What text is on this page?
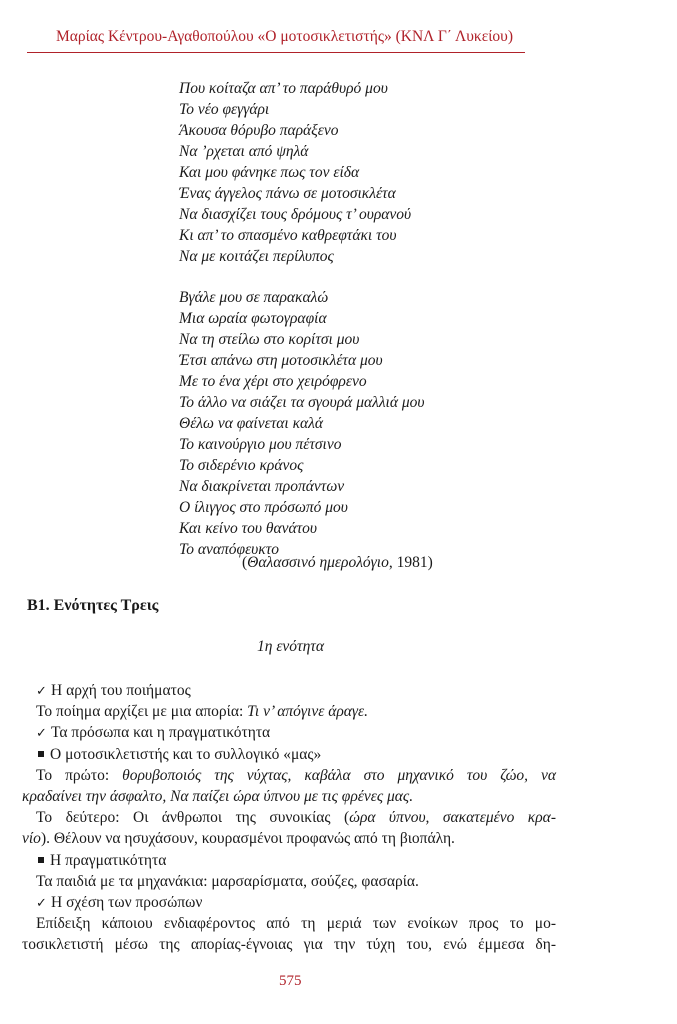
Μαρίας Κέντρου-Αγαθοπούλου «Ο μοτοσικλετιστής» (ΚΝΛ Γ΄ Λυκείου)
Που κοίταζα απ’ το παράθυρό μου
Το νέο φεγγάρι
Άκουσα θόρυβο παράξενο
Να ’ρχεται από ψηλά
Και μου φάνηκε πως τον είδα
Ένας άγγελος πάνω σε μοτοσικλέτα
Να διασχίζει τους δρόμους τ’ ουρανού
Κι απ’ το σπασμένο καθρεφτάκι του
Να με κοιτάζει περίλυπος
Βγάλε μου σε παρακαλώ
Μια ωραία φωτογραφία
Να τη στείλω στο κορίτσι μου
Έτσι απάνω στη μοτοσικλέτα μου
Με το ένα χέρι στο χειρόφρενο
Το άλλο να σιάζει τα σγουρά μαλλιά μου
Θέλω να φαίνεται καλά
Το καινούργιο μου πέτσινο
Το σιδερένιο κράνος
Να διακρίνεται προπάντων
Ο ίλιγγος στο πρόσωπό μου
Και κείνο του θανάτου
Το αναπόφευκτο
(Θαλασσινό ημερολόγιο, 1981)
Β1. Ενότητες Τρεις
1η ενότητα
✓ Η αρχή του ποιήματος
Το ποίημα αρχίζει με μια απορία: Τι ν’ απόγινε άραγε.
✓ Τα πρόσωπα και η πραγματικότητα
Ο μοτοσικλετιστής και το συλλογικό «μας»
Το πρώτο: θορυβοποιός της νύχτας, καβάλα στο μηχανικό του ζώο, να
κραδαίνει την άσφαλτο, Να παίζει ώρα ύπνου με τις φρένες μας.
Το δεύτερο: Οι άνθρωποι της συνοικίας (ώρα ύπνου, σακατεμένο κρα-
νίο). Θέλουν να ησυχάσουν, κουρασμένοι προφανώς από τη βιοπάλη.
Η πραγματικότητα
Τα παιδιά με τα μηχανάκια: μαρσαρίσματα, σούζες, φασαρία.
✓ Η σχέση των προσώπων
Επίδειξη κάποιου ενδιαφέροντος από τη μεριά των ενοίκων προς το μο-
τοσικλετιστή μέσω της απορίας-έγνοιας για την τύχη του, ενώ έμμεσα δη-
575
